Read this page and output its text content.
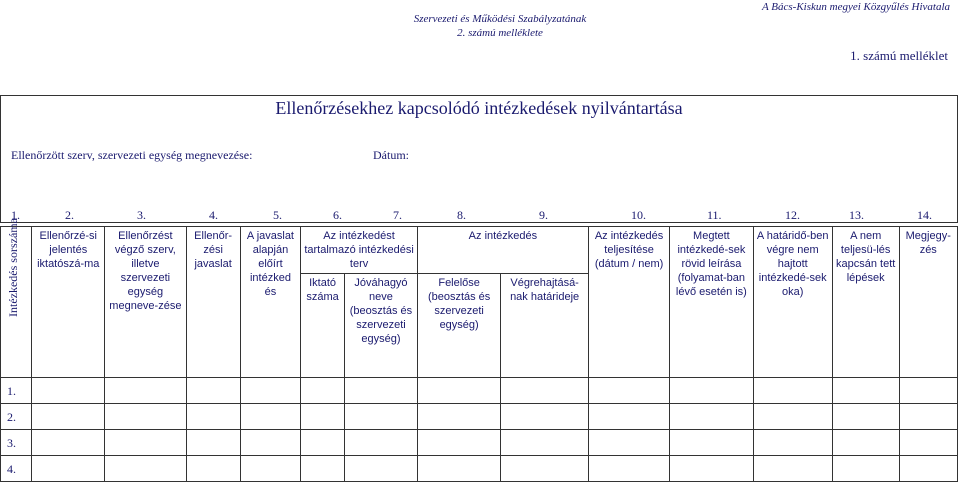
Szervezeti és Működési Szabályzatának
2. számú melléklete
A Bács-Kiskun megyei Közgyűlés Hivatala
1. számú melléklet
Ellenőrzésekhez kapcsolódó intézkedések nyilvántartása
Ellenőrzött szerv, szervezeti egység megnevezése:	Dátum:
1.	2.	3.	4.	5.	6.	7.	8.	9.	10.	11.	12.	13.	14.
Intézkedés sorszáma	Ellenőrzé-si jelentés iktatószá-ma	Ellenőrzést végző szerv, illetve szervezeti egység megneve-zése	Ellenőr-zési javaslat	A javaslat alapján előírt intézked és	Az intézkedést tartalmazó intézkedési terv		Az intézkedés		Az intézkedés teljesítése (dátum / nem)	Megtett intézkedé-sek rövid leírása (folyamat-ban lévő esetén is)	A határidő-ben végre nem hajtott intézkedé-sek oka)	A nem teljesü-lés kapcsán tett lépések	Megjegy-zés
					Iktató száma	Jóváhagyó neve (beosztás és szervezeti egység)	Felelőse (beosztás és szervezeti egység)	Végrehajtásá-nak határideje					
1.													
2.													
3.													
4.													
